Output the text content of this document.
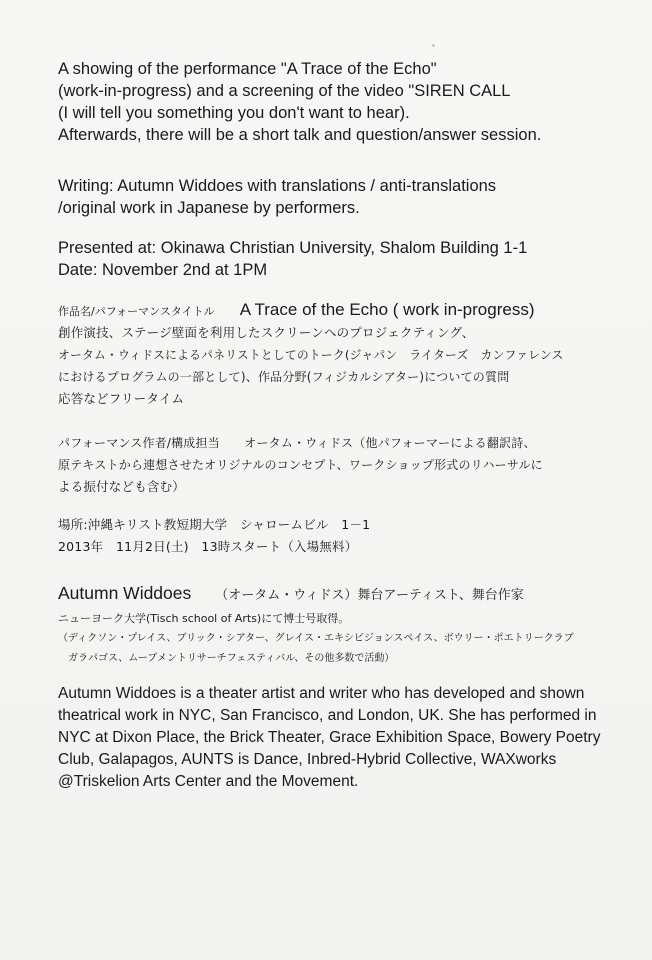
A showing of the performance "A Trace of the Echo"
(work-in-progress) and a screening of the video "SIREN CALL
(I will tell you something you don't want to hear).
Afterwards, there will be a short talk and question/answer session.
Writing: Autumn Widdoes with translations / anti-translations
/original work in Japanese by performers.
Presented at: Okinawa Christian University, Shalom Building 1-1
Date: November 2nd at 1PM
作品名/パフォーマンスタイトル A Trace of the Echo ( work in-progress)
創作演技、ステージ壁面を利用したスクリーンへのプロジェクティング、
オータム・ウィドスによるパネリストとしてのトーク(ジャパン　ライターズ　カンファレンス
におけるプログラムの一部として)、作品分野(フィジカルシアター)についての質問
応答などフリータイム
パフォーマンス作者/構成担当　　オータム・ウィドス（他パフォーマーによる翻訳詩、
原テキストから連想させたオリジナルのコンセプト、ワークショップ形式のリハーサルに
よる振付なども含む）
場所:沖縄キリスト教短期大学　シャロームビル　1－1
2013年　11月2日(土)　13時スタート（入場無料）
Autumn Widdoes （オータム・ウィドス）舞台アーティスト、舞台作家
ニューヨーク大学(Tisch school of Arts)にて博士号取得。
（ディクソン・プレイス、ブリック・シアター、グレイス・エキシビジョンスペイス、ボウリー・ポエトリークラブ
　ガラパゴス、ムーブメントリサーチフェスティバル、その他多数で活動）
Autumn Widdoes is a theater artist and writer who has developed and shown
theatrical work in NYC, San Francisco, and London, UK. She has performed in
NYC at Dixon Place, the Brick Theater, Grace Exhibition Space, Bowery Poetry
Club, Galapagos, AUNTS is Dance, Inbred-Hybrid Collective, WAXworks
@Triskelion Arts Center and the Movement.
